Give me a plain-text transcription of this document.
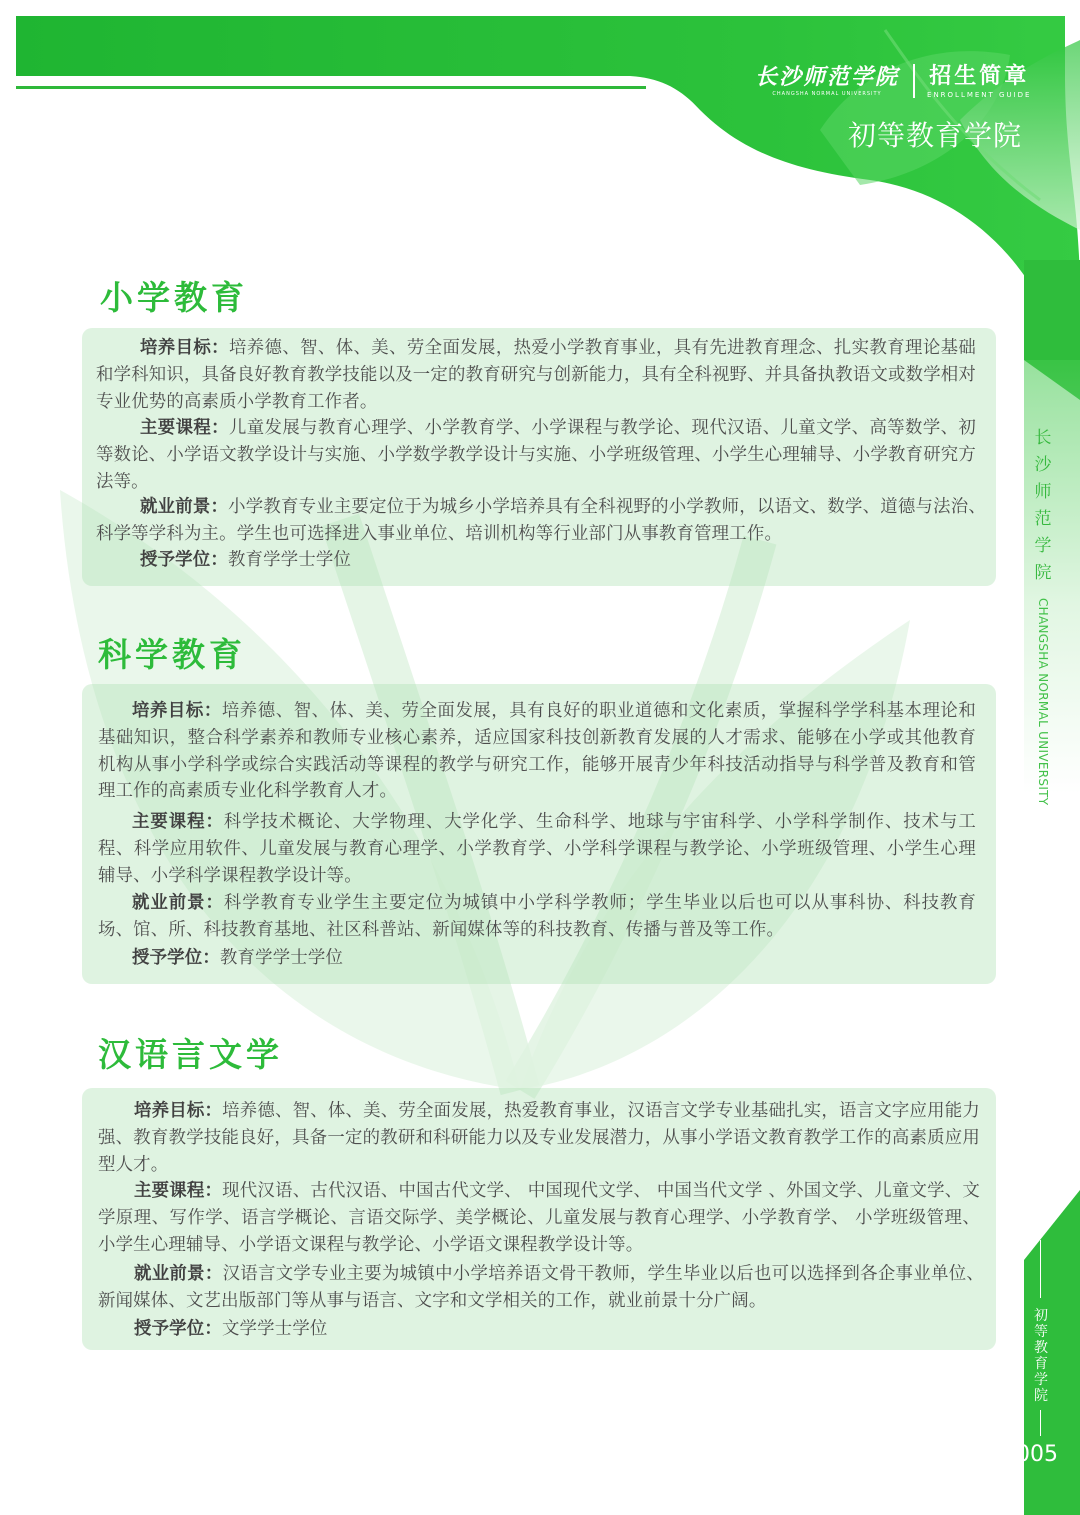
长沙师范学院
CHANGSHA NORMAL UNIVERSITY
招生简章
ENROLLMENT GUIDE
初等教育学院
长沙师范学院
CHANGSHA NORMAL UNIVERSITY
初等教育学院
005
小学教育
培养目标：培养德、智、体、美、劳全面发展，热爱小学教育事业，具有先进教育理念、扎实教育理论基础和学科知识，具备良好教育教学技能以及一定的教育研究与创新能力，具有全科视野、并具备执教语文或数学相对专业优势的高素质小学教育工作者。
主要课程：儿童发展与教育心理学、小学教育学、小学课程与教学论、现代汉语、儿童文学、高等数学、初等数论、小学语文教学设计与实施、小学数学教学设计与实施、小学班级管理、小学生心理辅导、小学教育研究方法等。
就业前景：小学教育专业主要定位于为城乡小学培养具有全科视野的小学教师，以语文、数学、道德与法治、科学等学科为主。学生也可选择进入事业单位、培训机构等行业部门从事教育管理工作。
授予学位：教育学学士学位
科学教育
培养目标：培养德、智、体、美、劳全面发展，具有良好的职业道德和文化素质，掌握科学学科基本理论和基础知识，整合科学素养和教师专业核心素养，适应国家科技创新教育发展的人才需求、能够在小学或其他教育机构从事小学科学或综合实践活动等课程的教学与研究工作，能够开展青少年科技活动指导与科学普及教育和管理工作的高素质专业化科学教育人才。
主要课程：科学技术概论、大学物理、大学化学、生命科学、地球与宇宙科学、小学科学制作、技术与工程、科学应用软件、儿童发展与教育心理学、小学教育学、小学科学课程与教学论、小学班级管理、小学生心理辅导、小学科学课程教学设计等。
就业前景：科学教育专业学生主要定位为城镇中小学科学教师；学生毕业以后也可以从事科协、科技教育场、馆、所、科技教育基地、社区科普站、新闻媒体等的科技教育、传播与普及等工作。
授予学位：教育学学士学位
汉语言文学
培养目标：培养德、智、体、美、劳全面发展，热爱教育事业，汉语言文学专业基础扎实，语言文字应用能力强、教育教学技能良好，具备一定的教研和科研能力以及专业发展潜力，从事小学语文教育教学工作的高素质应用型人才。
主要课程：现代汉语、古代汉语、中国古代文学、 中国现代文学、 中国当代文学 、外国文学、儿童文学、文学原理、写作学、语言学概论、言语交际学、美学概论、儿童发展与教育心理学、小学教育学、 小学班级管理、小学生心理辅导、小学语文课程与教学论、小学语文课程教学设计等。
就业前景：汉语言文学专业主要为城镇中小学培养语文骨干教师，学生毕业以后也可以选择到各企事业单位、新闻媒体、文艺出版部门等从事与语言、文字和文学相关的工作，就业前景十分广阔。
授予学位：文学学士学位
